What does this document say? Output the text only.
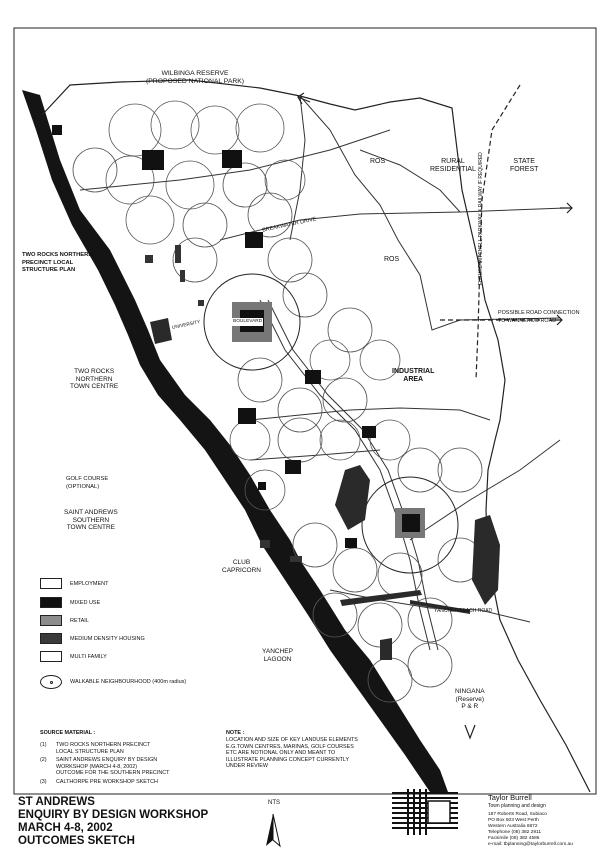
WILBINGA RESERVE
(PROPOSED NATIONAL PARK)
ROS
ROS
RURAL
RESIDENTIAL
STATE
FOREST
FUTURE MITCHELL PARKWAY & RAILWAY IF REQUIRED
BREAKWATER DRIVE
POSSIBLE ROAD CONNECTION
TO WANNEROO ROAD
TWO ROCKS NORTHERN
PRECINCT LOCAL
STRUCTURE PLAN
BOULEVARD
UNIVERSITY
TWO ROCKS
NORTHERN
TOWN CENTRE
INDUSTRIAL
AREA
GOLF COURSE
(OPTIONAL)
SAINT ANDREWS
SOUTHERN
TOWN CENTRE
CLUB
CAPRICORN
YANCHEP
LAGOON
YANCHEP BEACH ROAD
NINGANA
(Reserve)
P & R
EMPLOYMENT
MIXED USE
RETAIL
MEDIUM DENSITY HOUSING
MULTI FAMILY
WALKABLE NEIGHBOURHOOD (400m radius)
SOURCE MATERIAL :
(1) TWO ROCKS NORTHERN PRECINCT
LOCAL STRUCTURE PLAN
(2) SAINT ANDREWS ENQUIRY BY DESIGN
WORKSHOP (MARCH 4-8, 2002)
OUTCOME FOR THE SOUTHERN PRECINCT
(3) CALTHORPE PRE WORKSHOP SKETCH
NOTE :
LOCATION AND SIZE OF KEY LANDUSE ELEMENTS
E.G.TOWN CENTRES, MARINAS, GOLF COURSES
ETC ARE NOTIONAL ONLY AND MEANT TO
ILLUSTRATE PLANNING CONCEPT CURRENTLY
UNDER REVIEW
ST ANDREWS
ENQUIRY BY DESIGN WORKSHOP
MARCH 4-8, 2002
OUTCOMES SKETCH
NTS
Taylor Burrell
Town planning and design
187 Roberts Road, Subiaco
PO Box 503 West Perth
Western Australia 6872
Telephone (08) 382 2911
Facsimile (08) 382 4586
e-mail: tbplanning@taylorburrell.com.au
